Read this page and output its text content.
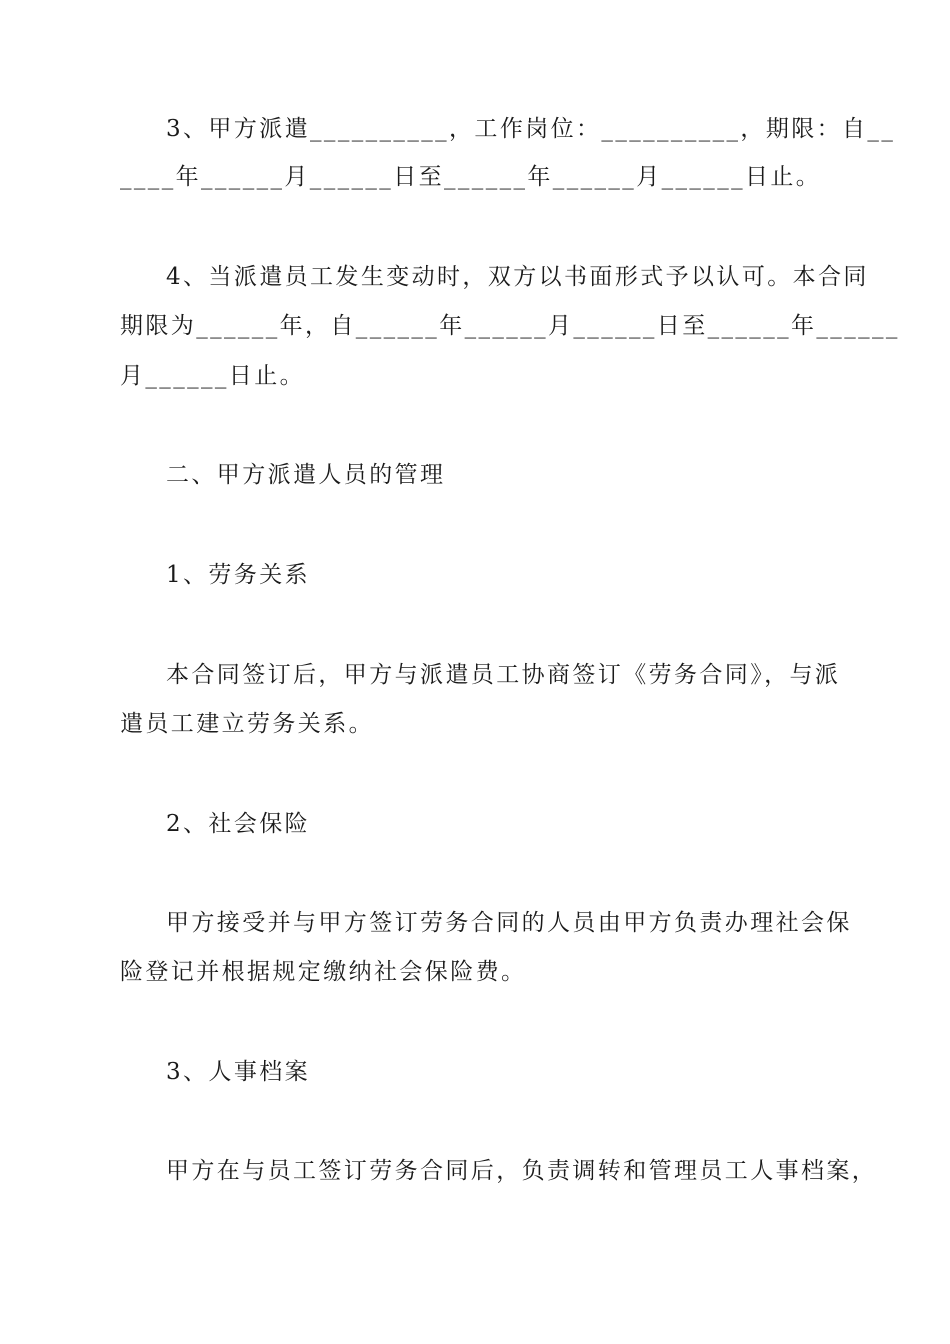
3、甲方派遣__________，工作岗位：__________，期限：自__
____年______月______日至______年______月______日止。
4、当派遣员工发生变动时，双方以书面形式予以认可。本合同
期限为______年，自______年______月______日至______年______
月______日止。
二、甲方派遣人员的管理
1、劳务关系
本合同签订后，甲方与派遣员工协商签订《劳务合同》，与派
遣员工建立劳务关系。
2、社会保险
甲方接受并与甲方签订劳务合同的人员由甲方负责办理社会保
险登记并根据规定缴纳社会保险费。
3、人事档案
甲方在与员工签订劳务合同后，负责调转和管理员工人事档案，
